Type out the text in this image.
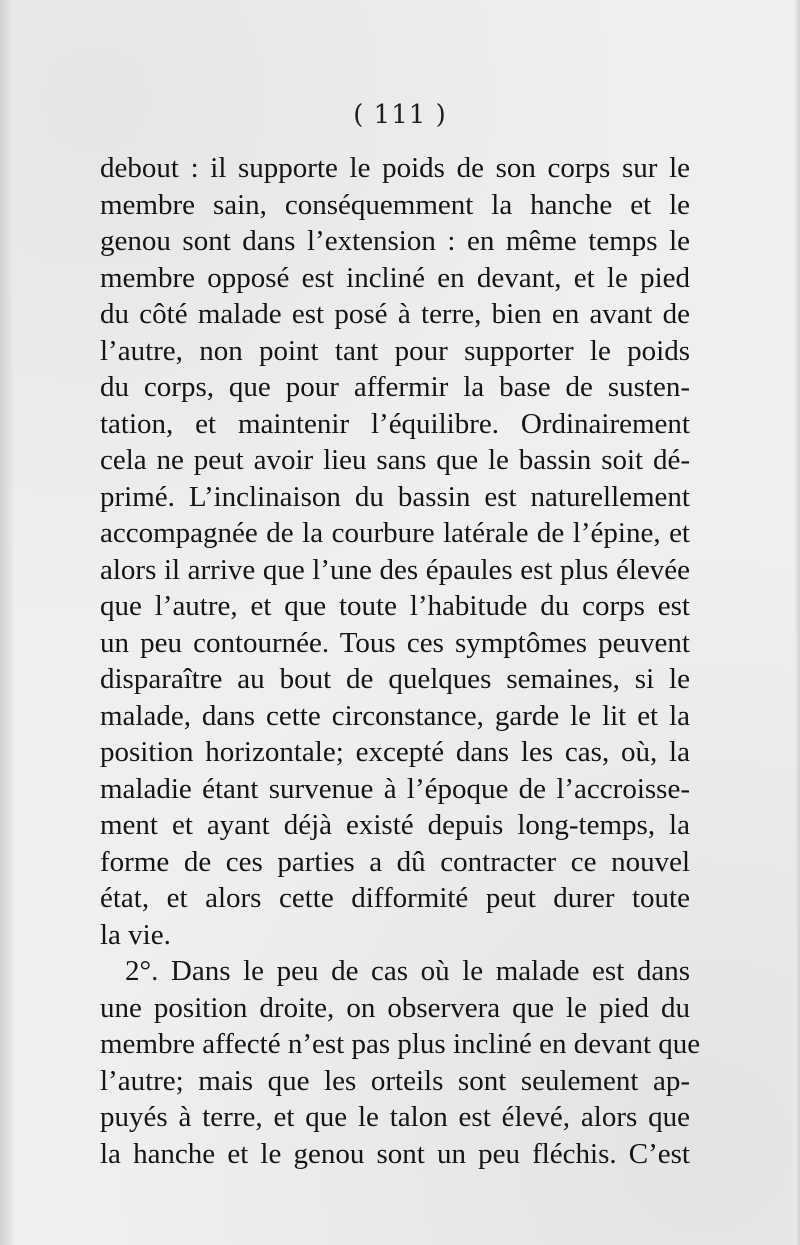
( 111 )
debout : il supporte le poids de son corps sur le
membre sain, conséquemment la hanche et le
genou sont dans l’extension : en même temps le
membre opposé est incliné en devant, et le pied
du côté malade est posé à terre, bien en avant de
l’autre, non point tant pour supporter le poids
du corps, que pour affermir la base de susten-
tation, et maintenir l’équilibre. Ordinairement
cela ne peut avoir lieu sans que le bassin soit dé-
primé. L’inclinaison du bassin est naturellement
accompagnée de la courbure latérale de l’épine, et
alors il arrive que l’une des épaules est plus élevée
que l’autre, et que toute l’habitude du corps est
un peu contournée. Tous ces symptômes peuvent
disparaître au bout de quelques semaines, si le
malade, dans cette circonstance, garde le lit et la
position horizontale; excepté dans les cas, où, la
maladie étant survenue à l’époque de l’accroisse-
ment et ayant déjà existé depuis long-temps, la
forme de ces parties a dû contracter ce nouvel
état, et alors cette difformité peut durer toute
la vie.
2°. Dans le peu de cas où le malade est dans
une position droite, on observera que le pied du
membre affecté n’est pas plus incliné en devant que
l’autre; mais que les orteils sont seulement ap-
puyés à terre, et que le talon est élevé, alors que
la hanche et le genou sont un peu fléchis. C’est
